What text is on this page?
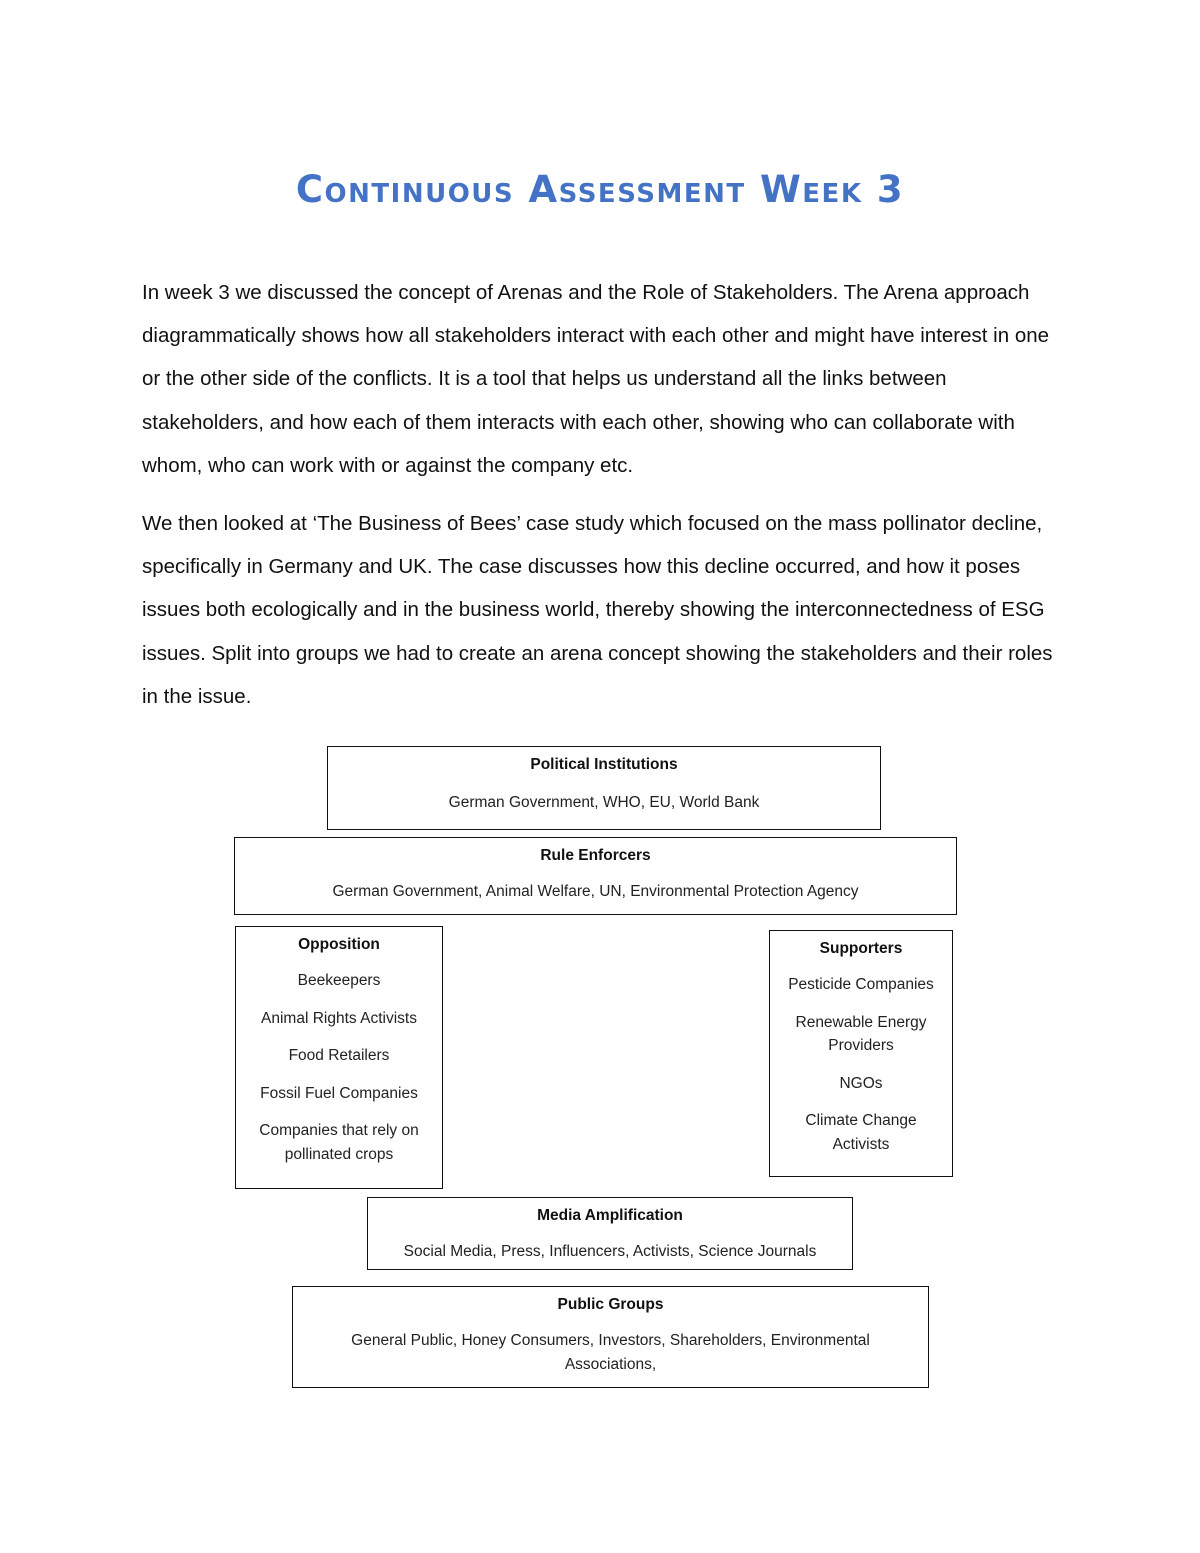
Continuous Assessment Week 3

In week 3 we discussed the concept of Arenas and the Role of Stakeholders. The Arena approach diagrammatically shows how all stakeholders interact with each other and might have interest in one or the other side of the conflicts. It is a tool that helps us understand all the links between stakeholders, and how each of them interacts with each other, showing who can collaborate with whom, who can work with or against the company etc.

We then looked at ‘The Business of Bees’ case study which focused on the mass pollinator decline, specifically in Germany and UK. The case discusses how this decline occurred, and how it poses issues both ecologically and in the business world, thereby showing the interconnectedness of ESG issues. Split into groups we had to create an arena concept showing the stakeholders and their roles in the issue.

Political Institutions
German Government, WHO, EU, World Bank
Rule Enforcers
German Government, Animal Welfare, UN, Environmental Protection Agency
Opposition
Beekeepers
Animal Rights Activists
Food Retailers
Fossil Fuel Companies
Companies that rely on pollinated crops
Supporters
Pesticide Companies
Renewable Energy Providers
NGOs
Climate Change Activists
Media Amplification
Social Media, Press, Influencers, Activists, Science Journals
Public Groups
General Public, Honey Consumers, Investors, Shareholders, Environmental Associations,
